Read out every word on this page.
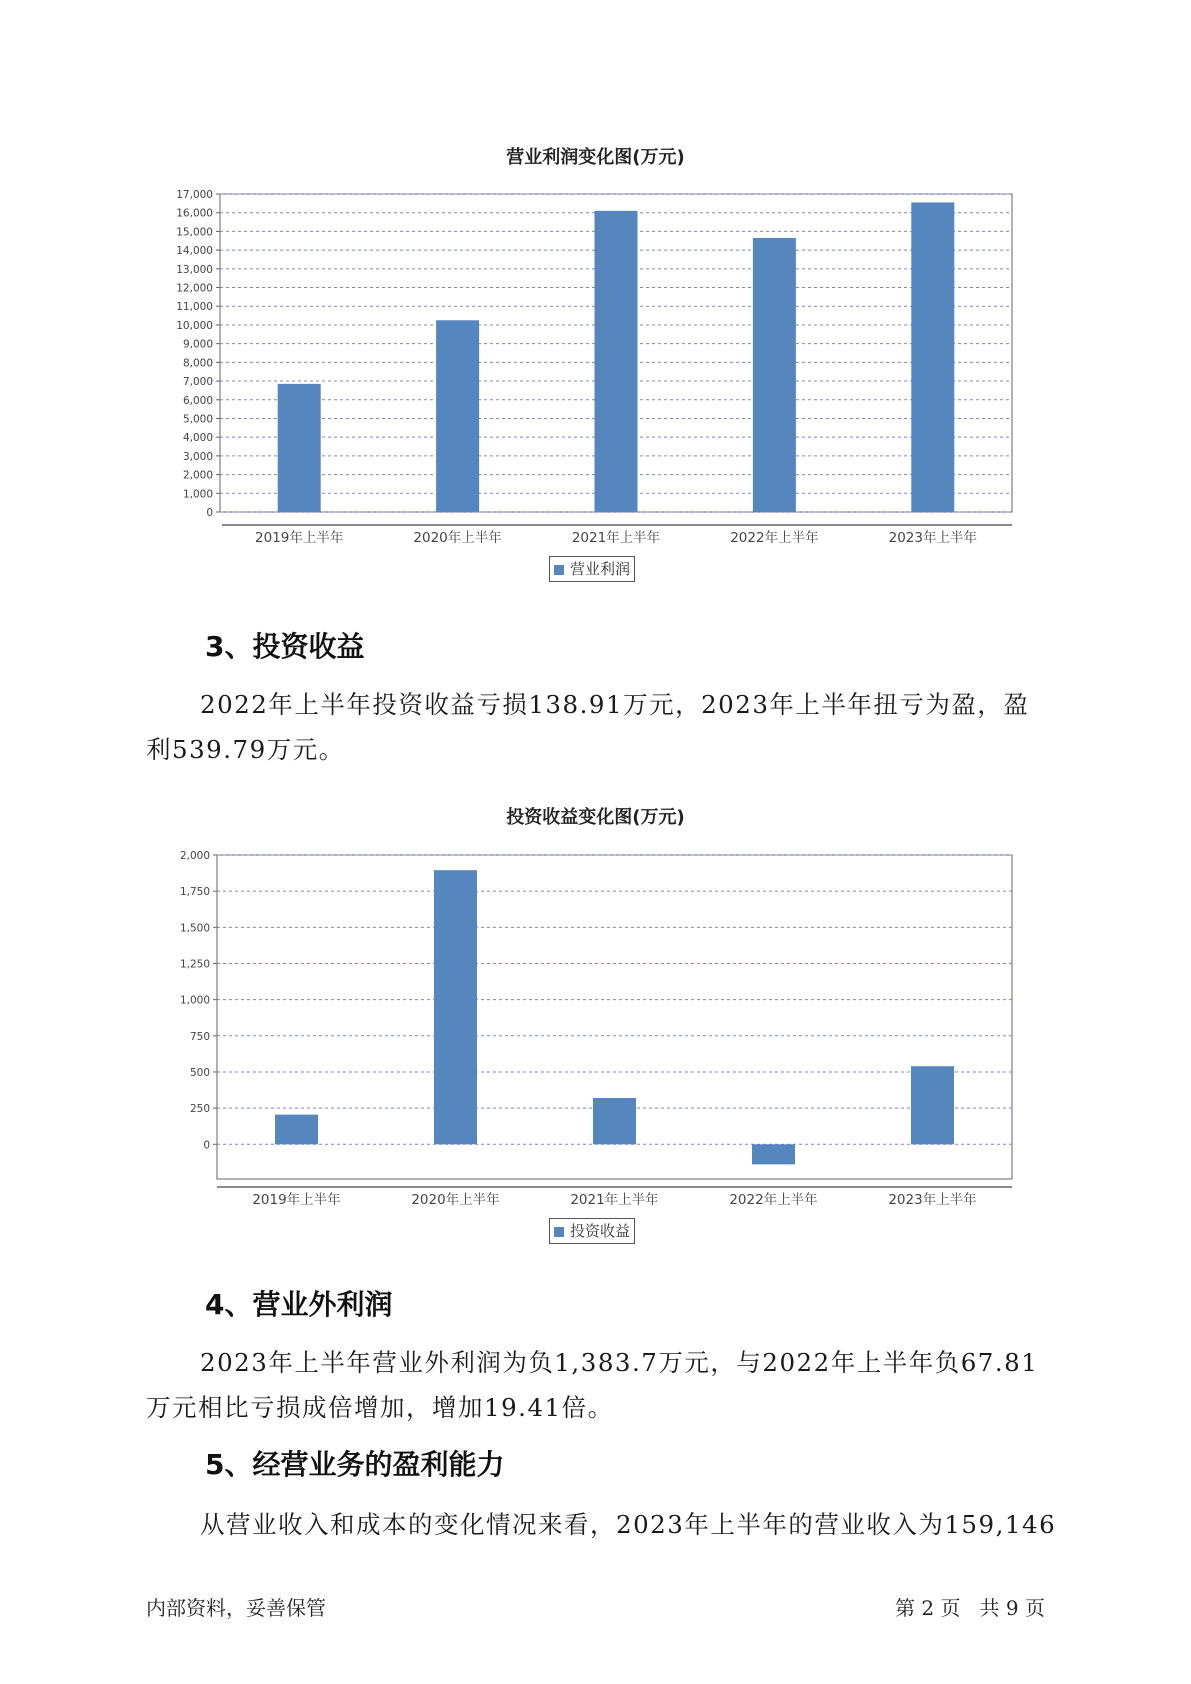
营业利润变化图(万元)
0
1,000
2,000
3,000
4,000
5,000
6,000
7,000
8,000
9,000
10,000
11,000
12,000
13,000
14,000
15,000
16,000
17,000
2019年上半年	2020年上半年	2021年上半年	2022年上半年	2023年上半年
营业利润
3、投资收益
2022年上半年投资收益亏损138.91万元，2023年上半年扭亏为盈，盈
利539.79万元。
投资收益变化图(万元)
0
250
500
750
1,000
1,250
1,500
1,750
2,000
2019年上半年	2020年上半年	2021年上半年	2022年上半年	2023年上半年
投资收益
4、营业外利润
2023年上半年营业外利润为负1,383.7万元，与2022年上半年负67.81
万元相比亏损成倍增加，增加19.41倍。
5、经营业务的盈利能力
从营业收入和成本的变化情况来看，2023年上半年的营业收入为159,146
内部资料，妥善保管	第 2 页   共 9 页
